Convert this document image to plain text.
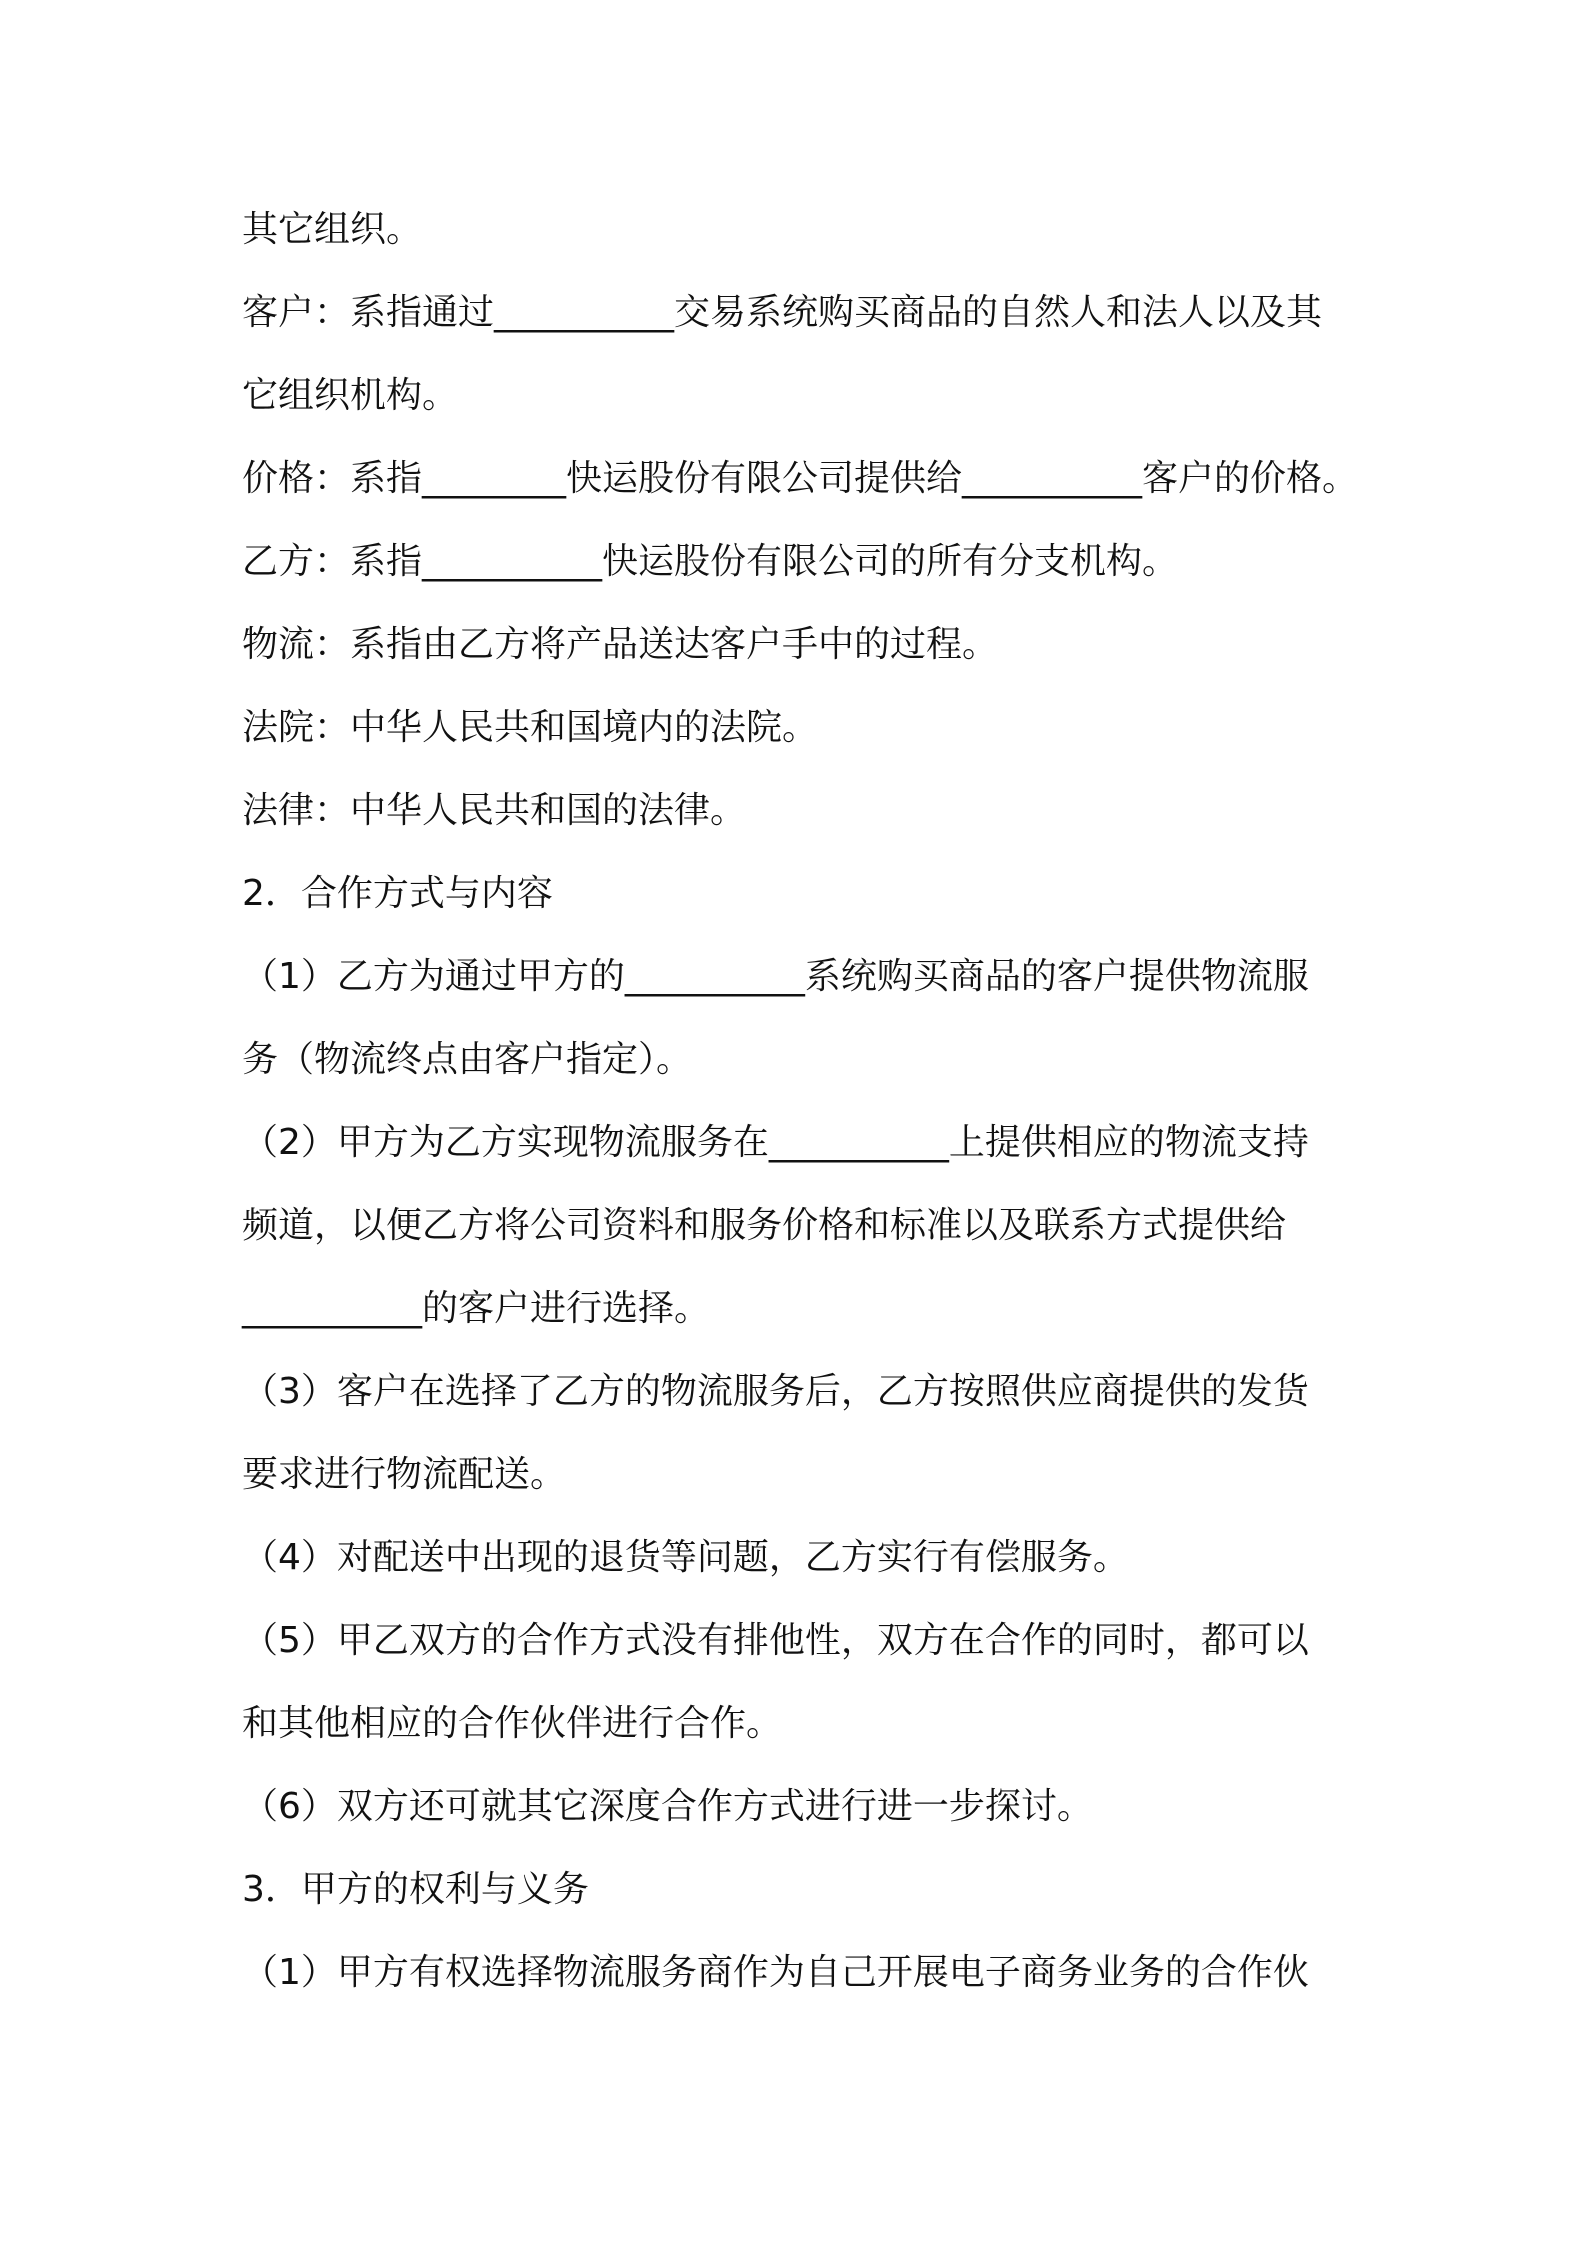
其它组织。
客户：系指通过__________交易系统购买商品的自然人和法人以及其
它组织机构。
价格：系指________快运股份有限公司提供给__________客户的价格。
乙方：系指__________快运股份有限公司的所有分支机构。
物流：系指由乙方将产品送达客户手中的过程。
法院：中华人民共和国境内的法院。
法律：中华人民共和国的法律。
2．合作方式与内容
（1）乙方为通过甲方的__________系统购买商品的客户提供物流服
务（物流终点由客户指定）。
（2）甲方为乙方实现物流服务在__________上提供相应的物流支持
频道，以便乙方将公司资料和服务价格和标准以及联系方式提供给
__________的客户进行选择。
（3）客户在选择了乙方的物流服务后，乙方按照供应商提供的发货
要求进行物流配送。
（4）对配送中出现的退货等问题，乙方实行有偿服务。
（5）甲乙双方的合作方式没有排他性，双方在合作的同时，都可以
和其他相应的合作伙伴进行合作。
（6）双方还可就其它深度合作方式进行进一步探讨。
3．甲方的权利与义务
（1）甲方有权选择物流服务商作为自己开展电子商务业务的合作伙
